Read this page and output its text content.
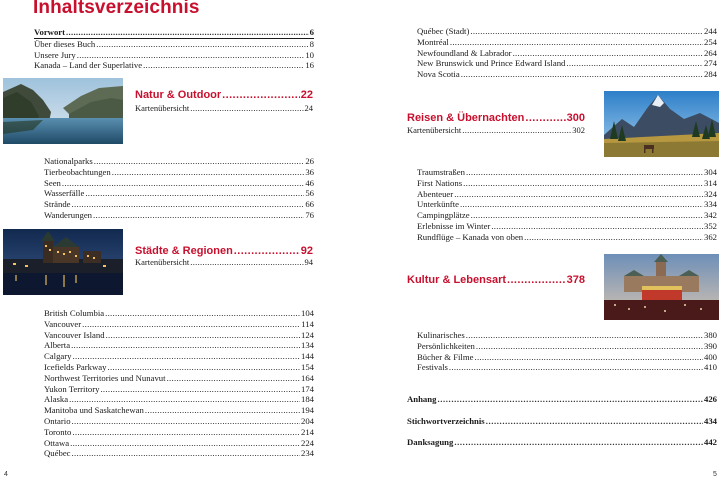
Inhaltsverzeichnis
Vorwort .....	6
Über dieses Buch .....	8
Unsere Jury .....	10
Kanada – Land der Superlative .....	16
Natur & Outdoor .....	22
Kartenübersicht .....	24
Nationalparks .....	26
Tierbeobachtungen .....	36
Seen .....	46
Wasserfälle .....	56
Strände .....	66
Wanderungen .....	76
Städte & Regionen .....	92
Kartenübersicht .....	94
British Columbia .....	104
Vancouver .....	114
Vancouver Island .....	124
Alberta .....	134
Calgary .....	144
Icefields Parkway .....	154
Northwest Territories und Nunavut .....	164
Yukon Territory .....	174
Alaska .....	184
Manitoba und Saskatchewan .....	194
Ontario .....	204
Toronto .....	214
Ottawa .....	224
Québec .....	234
4
Québec (Stadt) .....	244
Montréal .....	254
Newfoundland & Labrador .....	264
New Brunswick und Prince Edward Island .....	274
Nova Scotia .....	284
Reisen & Übernachten .....	300
Kartenübersicht .....	302
Traumstraßen .....	304
First Nations .....	314
Abenteuer .....	324
Unterkünfte .....	334
Campingplätze .....	342
Erlebnisse im Winter .....	352
Rundflüge – Kanada von oben .....	362
Kultur & Lebensart .....	378
Kulinarisches .....	380
Persönlichkeiten .....	390
Bücher & Filme .....	400
Festivals .....	410
Anhang .....	426
Stichwortverzeichnis .....	434
Danksagung .....	442
5
